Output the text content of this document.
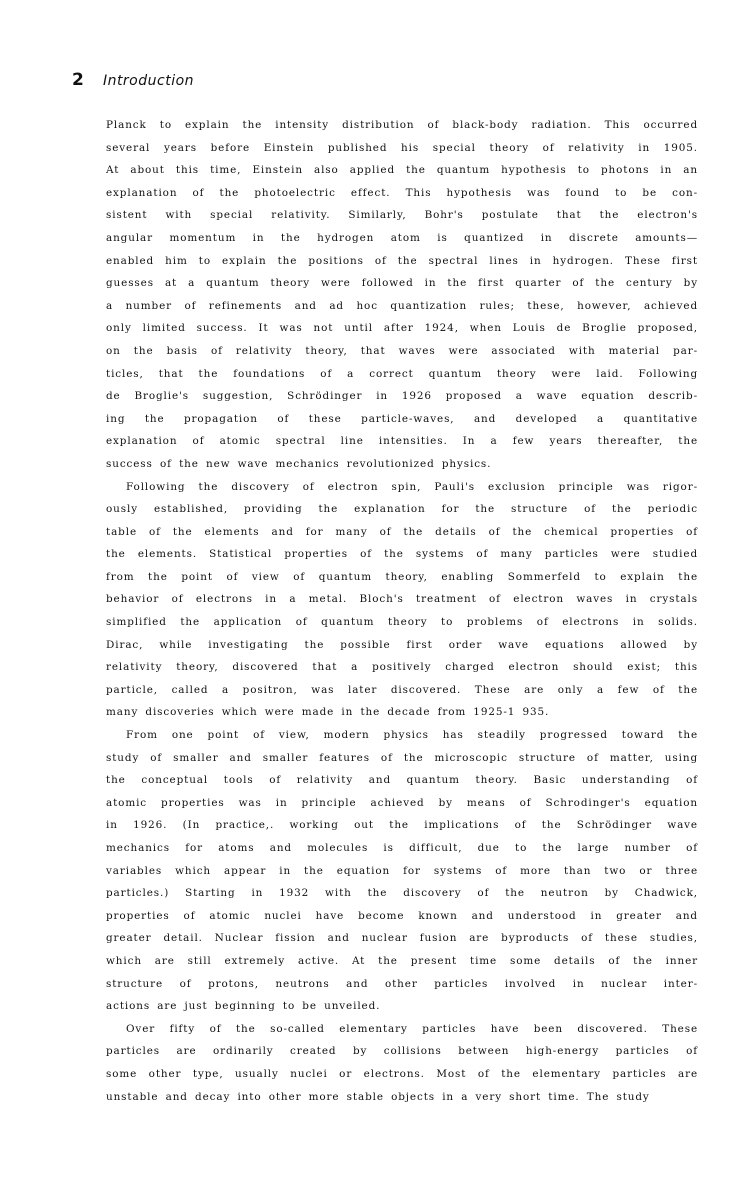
2 Introduction
Planck to explain the intensity distribution of black-body radiation. This occurred
several years before Einstein published his special theory of relativity in 1905.
At about this time, Einstein also applied the quantum hypothesis to photons in an
explanation of the photoelectric effect. This hypothesis was found to be con-
sistent with special relativity. Similarly, Bohr's postulate that the electron's
angular momentum in the hydrogen atom is quantized in discrete amounts—
enabled him to explain the positions of the spectral lines in hydrogen. These first
guesses at a quantum theory were followed in the first quarter of the century by
a number of refinements and ad hoc quantization rules; these, however, achieved
only limited success. It was not until after 1924, when Louis de Broglie proposed,
on the basis of relativity theory, that waves were associated with material par-
ticles, that the foundations of a correct quantum theory were laid. Following
de Broglie's suggestion, Schrödinger in 1926 proposed a wave equation describ-
ing the propagation of these particle-waves, and developed a quantitative
explanation of atomic spectral line intensities. In a few years thereafter, the
success of the new wave mechanics revolutionized physics.
Following the discovery of electron spin, Pauli's exclusion principle was rigor-
ously established, providing the explanation for the structure of the periodic
table of the elements and for many of the details of the chemical properties of
the elements. Statistical properties of the systems of many particles were studied
from the point of view of quantum theory, enabling Sommerfeld to explain the
behavior of electrons in a metal. Bloch's treatment of electron waves in crystals
simplified the application of quantum theory to problems of electrons in solids.
Dirac, while investigating the possible first order wave equations allowed by
relativity theory, discovered that a positively charged electron should exist; this
particle, called a positron, was later discovered. These are only a few of the
many discoveries which were made in the decade from 1925-1 935.
From one point of view, modern physics has steadily progressed toward the
study of smaller and smaller features of the microscopic structure of matter, using
the conceptual tools of relativity and quantum theory. Basic understanding of
atomic properties was in principle achieved by means of Schrodinger's equation
in 1926. (In practice,. working out the implications of the Schrödinger wave
mechanics for atoms and molecules is difficult, due to the large number of
variables which appear in the equation for systems of more than two or three
particles.) Starting in 1932 with the discovery of the neutron by Chadwick,
properties of atomic nuclei have become known and understood in greater and
greater detail. Nuclear fission and nuclear fusion are byproducts of these studies,
which are still extremely active. At the present time some details of the inner
structure of protons, neutrons and other particles involved in nuclear inter-
actions are just beginning to be unveiled.
Over fifty of the so-called elementary particles have been discovered. These
particles are ordinarily created by collisions between high-energy particles of
some other type, usually nuclei or electrons. Most of the elementary particles are
unstable and decay into other more stable objects in a very short time. The study
